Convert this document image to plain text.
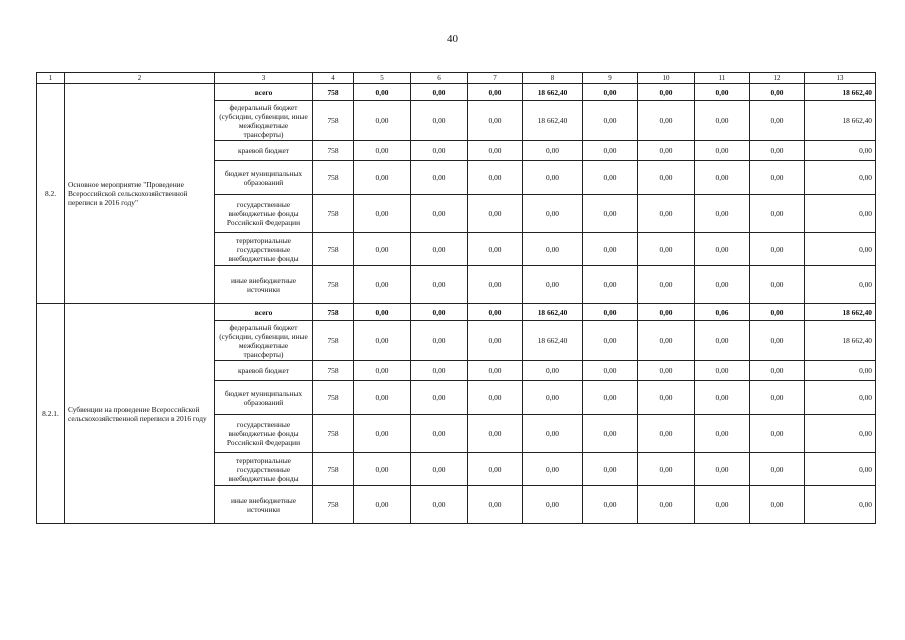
40
1	2	3	4	5	6	7	8	9	10	11	12	13
8.2.	Основное мероприятие "Проведение Всероссийской сельскохозяйственной переписи в 2016 году"	всего	758	0,00	0,00	0,00	18 662,40	0,00	0,00	0,00	0,00	18 662,40
		федеральный бюджет (субсидии, субвенции, иные межбюджетные трансферты)	758	0,00	0,00	0,00	18 662,40	0,00	0,00	0,00	0,00	18 662,40
		краевой бюджет	758	0,00	0,00	0,00	0,00	0,00	0,00	0,00	0,00	0,00
		бюджет муниципальных образований	758	0,00	0,00	0,00	0,00	0,00	0,00	0,00	0,00	0,00
		государственные внебюджетные фонды Российской Федерации	758	0,00	0,00	0,00	0,00	0,00	0,00	0,00	0,00	0,00
		территориальные государственные внебюджетные фонды	758	0,00	0,00	0,00	0,00	0,00	0,00	0,00	0,00	0,00
		иные внебюджетные источники	758	0,00	0,00	0,00	0,00	0,00	0,00	0,00	0,00	0,00
8.2.1.	Субвенции на проведение Всероссийской сельскохозяйственной переписи в 2016 году	всего	758	0,00	0,00	0,00	18 662,40	0,00	0,00	0,06	0,00	18 662,40
		федеральный бюджет (субсидии, субвенции, иные межбюджетные трансферты)	758	0,00	0,00	0,00	18 662,40	0,00	0,00	0,00	0,00	18 662,40
		краевой бюджет	758	0,00	0,00	0,00	0,00	0,00	0,00	0,00	0,00	0,00
		бюджет муниципальных образований	758	0,00	0,00	0,00	0,00	0,00	0,00	0,00	0,00	0,00
		государственные внебюджетные фонды Российской Федерации	758	0,00	0,00	0,00	0,00	0,00	0,00	0,00	0,00	0,00
		территориальные государственные внебюджетные фонды	758	0,00	0,00	0,00	0,00	0,00	0,00	0,00	0,00	0,00
		иные внебюджетные источники	758	0,00	0,00	0,00	0,00	0,00	0,00	0,00	0,00	0,00
